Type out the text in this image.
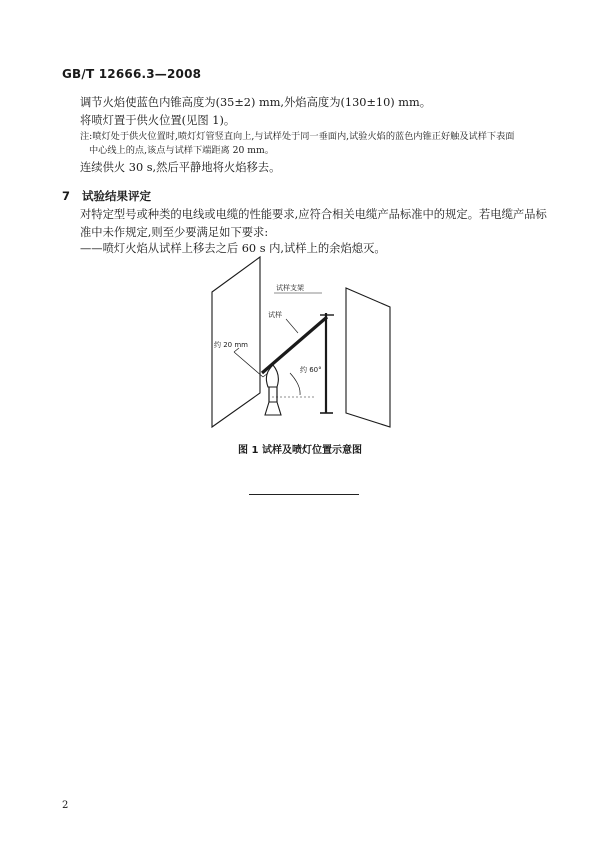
GB/T 12666.3—2008
调节火焰使蓝色内锥高度为(35±2) mm,外焰高度为(130±10) mm。
将喷灯置于供火位置(见图 1)。
注:喷灯处于供火位置时,喷灯灯管竖直向上,与试样处于同一垂面内,试验火焰的蓝色内锥正好触及试样下表面
中心线上的点,该点与试样下端距离 20 mm。
连续供火 30 s,然后平静地将火焰移去。
7 试验结果评定
对特定型号或种类的电线或电缆的性能要求,应符合相关电缆产品标准中的规定。若电缆产品标
准中未作规定,则至少要满足如下要求:
——喷灯火焰从试样上移去之后 60 s 内,试样上的余焰熄灭。
试样支架
试样
约 20 mm
约 60°
图 1 试样及喷灯位置示意图
2
